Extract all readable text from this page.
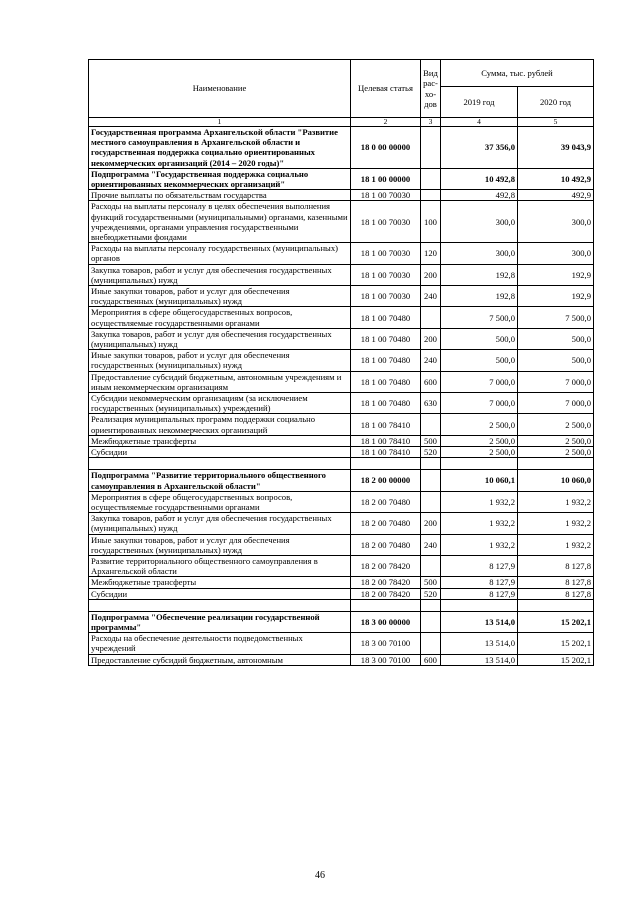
Наименование	Целевая статья	Вид рас-хо-дов	Сумма, тыс. рублей	
			2019 год	2020 год
1	2	3	4	5
Государственная программа Архангельской области "Развитие местного самоуправления в Архангельской области и государственная поддержка социально ориентированных некоммерческих организаций (2014 – 2020 годы)"	18 0 00 00000		37 356,0	39 043,9
Подпрограмма "Государственная поддержка социально ориентированных некоммерческих организаций"	18 1 00 00000		10 492,8	10 492,9
Прочие выплаты по обязательствам государства	18 1 00 70030		492,8	492,9
Расходы на выплаты персоналу в целях обеспечения выполнения функций государственными (муниципальными) органами, казенными учреждениями, органами управления государственными внебюджетными фондами	18 1 00 70030	100	300,0	300,0
Расходы на выплаты персоналу государственных (муниципальных) органов	18 1 00 70030	120	300,0	300,0
Закупка товаров, работ и услуг для обеспечения государственных (муниципальных) нужд	18 1 00 70030	200	192,8	192,9
Иные закупки товаров, работ и услуг для обеспечения государственных (муниципальных) нужд	18 1 00 70030	240	192,8	192,9
Мероприятия в сфере общегосударственных вопросов, осуществляемые государственными органами	18 1 00 70480		7 500,0	7 500,0
Закупка товаров, работ и услуг для обеспечения государственных (муниципальных) нужд	18 1 00 70480	200	500,0	500,0
Иные закупки товаров, работ и услуг для обеспечения государственных (муниципальных) нужд	18 1 00 70480	240	500,0	500,0
Предоставление субсидий бюджетным, автономным учреждениям и иным некоммерческим организациям	18 1 00 70480	600	7 000,0	7 000,0
Субсидии некоммерческим организациям (за исключением государственных (муниципальных) учреждений)	18 1 00 70480	630	7 000,0	7 000,0
Реализация муниципальных программ поддержки социально ориентированных некоммерческих организаций	18 1 00 78410		2 500,0	2 500,0
Межбюджетные трансферты	18 1 00 78410	500	2 500,0	2 500,0
Субсидии	18 1 00 78410	520	2 500,0	2 500,0

Подпрограмма "Развитие территориального общественного самоуправления в Архангельской области"	18 2 00 00000		10 060,1	10 060,0
Мероприятия в сфере общегосударственных вопросов, осуществляемые государственными органами	18 2 00 70480		1 932,2	1 932,2
Закупка товаров, работ и услуг для обеспечения государственных (муниципальных) нужд	18 2 00 70480	200	1 932,2	1 932,2
Иные закупки товаров, работ и услуг для обеспечения государственных (муниципальных) нужд	18 2 00 70480	240	1 932,2	1 932,2
Развитие территориального общественного самоуправления в Архангельской области	18 2 00 78420		8 127,9	8 127,8
Межбюджетные трансферты	18 2 00 78420	500	8 127,9	8 127,8
Субсидии	18 2 00 78420	520	8 127,9	8 127,8

Подпрограмма "Обеспечение реализации государственной программы"	18 3 00 00000		13 514,0	15 202,1
Расходы на обеспечение деятельности подведомственных учреждений	18 3 00 70100		13 514,0	15 202,1
Предоставление субсидий бюджетным, автономным	18 3 00 70100	600	13 514,0	15 202,1
46
